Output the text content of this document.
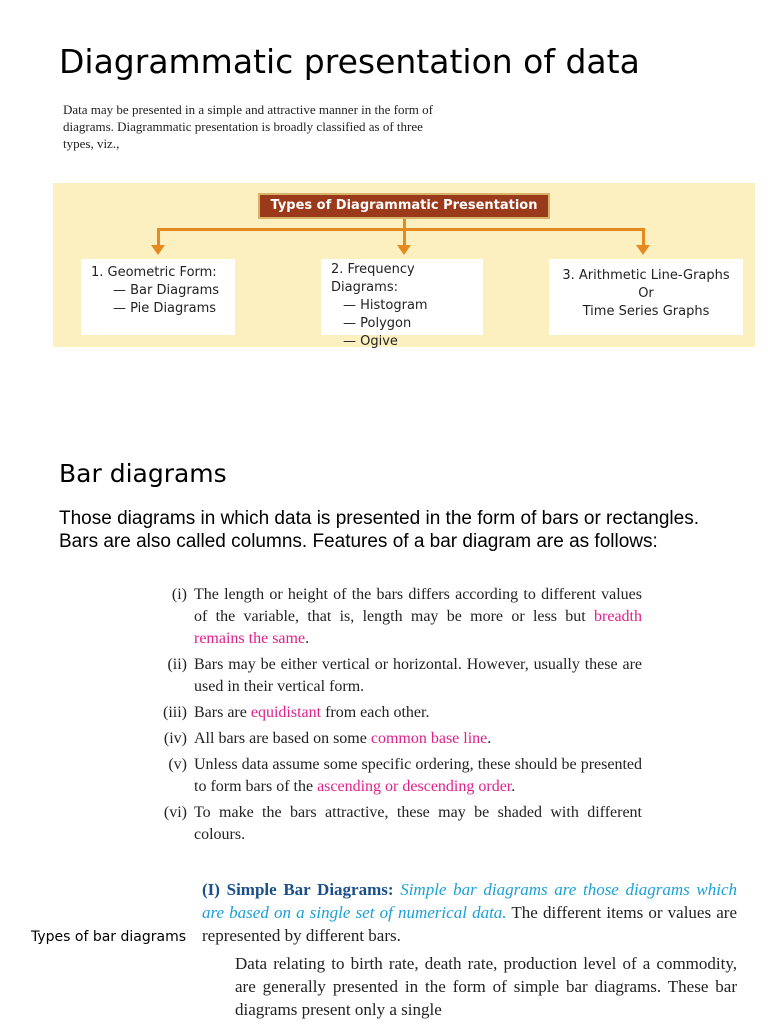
Diagrammatic presentation of data
Data may be presented in a simple and attractive manner in the form of diagrams. Diagrammatic presentation is broadly classified as of three types, viz.,
Types of Diagrammatic Presentation
1. Geometric Form:
— Bar Diagrams
— Pie Diagrams
2. Frequency Diagrams:
— Histogram
— Polygon
— Ogive
3. Arithmetic Line-Graphs
Or
Time Series Graphs
Bar diagrams
Those diagrams in which data is presented in the form of bars or rectangles. Bars are also called columns. Features of a bar diagram are as follows:
(i) The length or height of the bars differs according to different values of the variable, that is, length may be more or less but breadth remains the same.
(ii) Bars may be either vertical or horizontal. However, usually these are used in their vertical form.
(iii) Bars are equidistant from each other.
(iv) All bars are based on some common base line.
(v) Unless data assume some specific ordering, these should be presented to form bars of the ascending or descending order.
(vi) To make the bars attractive, these may be shaded with different colours.
Types of bar diagrams

(I) Simple Bar Diagrams: Simple bar diagrams are those diagrams which are based on a single set of numerical data. The different items or values are represented by different bars.

Data relating to birth rate, death rate, production level of a commodity, are generally presented in the form of simple bar diagrams. These bar diagrams present only a single
